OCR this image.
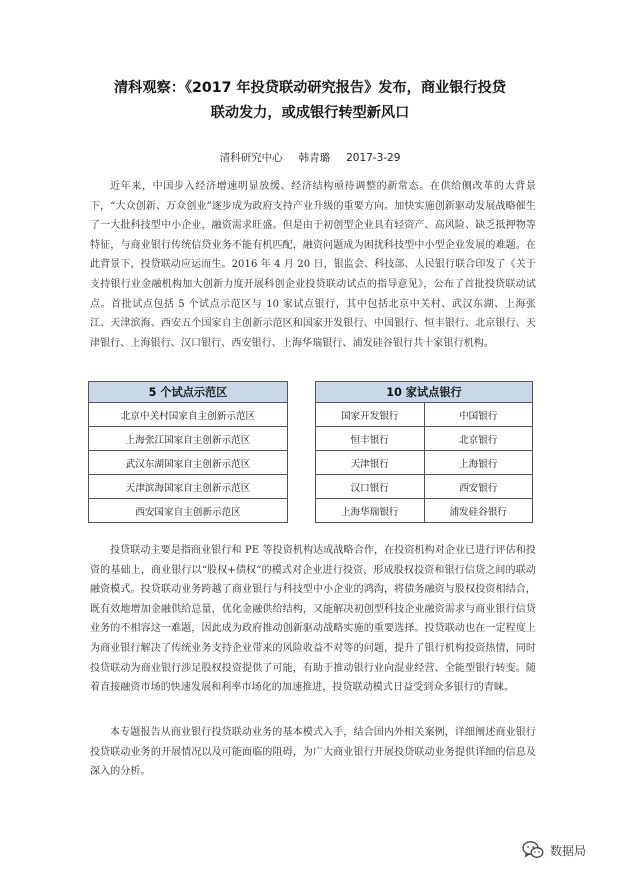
清科观察：《2017 年投贷联动研究报告》发布，商业银行投贷联动发力，或成银行转型新风口
清科研究中心 韩青璐 2017-3-29

近年来，中国步入经济增速明显放缓、经济结构亟待调整的新常态。在供给侧改革的大背景下，“大众创新、万众创业”逐步成为政府支持产业升级的重要方向。加快实施创新驱动发展战略催生了一大批科技型中小企业，融资需求旺盛。但是由于初创型企业具有轻资产、高风险、缺乏抵押物等特征，与商业银行传统信贷业务不能有机匹配，融资问题成为困扰科技型中小型企业发展的难题。在此背景下，投贷联动应运而生。2016 年 4 月 20 日，银监会、科技部、人民银行联合印发了《关于支持银行业金融机构加大创新力度开展科创企业投贷联动试点的指导意见》，公布了首批投贷联动试点。首批试点包括 5 个试点示范区与 10 家试点银行，其中包括北京中关村、武汉东湖、上海张江、天津滨海、西安五个国家自主创新示范区和国家开发银行、中国银行、恒丰银行、北京银行、天津银行、上海银行、汉口银行、西安银行、上海华瑞银行、浦发硅谷银行共十家银行机构。

5 个试点示范区
北京中关村国家自主创新示范区
上海张江国家自主创新示范区
武汉东湖国家自主创新示范区
天津滨海国家自主创新示范区
西安国家自主创新示范区
10 家试点银行	
国家开发银行	中国银行
恒丰银行	北京银行
天津银行	上海银行
汉口银行	西安银行
上海华瑞银行	浦发硅谷银行

投贷联动主要是指商业银行和 PE 等投资机构达成战略合作，在投资机构对企业已进行评估和投资的基础上，商业银行以“股权+债权”的模式对企业进行投资，形成股权投资和银行信贷之间的联动融资模式。投贷联动业务跨越了商业银行与科技型中小企业的鸿沟，将债务融资与股权投资相结合，既有效地增加金融供给总量，优化金融供给结构，又能解决初创型科技企业融资需求与商业银行信贷业务的不相容这一难题，因此成为政府推动创新驱动战略实施的重要选择。投贷联动也在一定程度上为商业银行解决了传统业务支持企业带来的风险收益不对等的问题，提升了银行机构投资热情，同时投贷联动为商业银行涉足股权投资提供了可能，有助于推动银行业向混业经营、全能型银行转变。随着直接融资市场的快速发展和利率市场化的加速推进，投贷联动模式日益受到众多银行的青睐。

本专题报告从商业银行投贷联动业务的基本模式入手，结合国内外相关案例，详细阐述商业银行投贷联动业务的开展情况以及可能面临的阻碍，为广大商业银行开展投贷联动业务提供详细的信息及深入的分析。

数据局
